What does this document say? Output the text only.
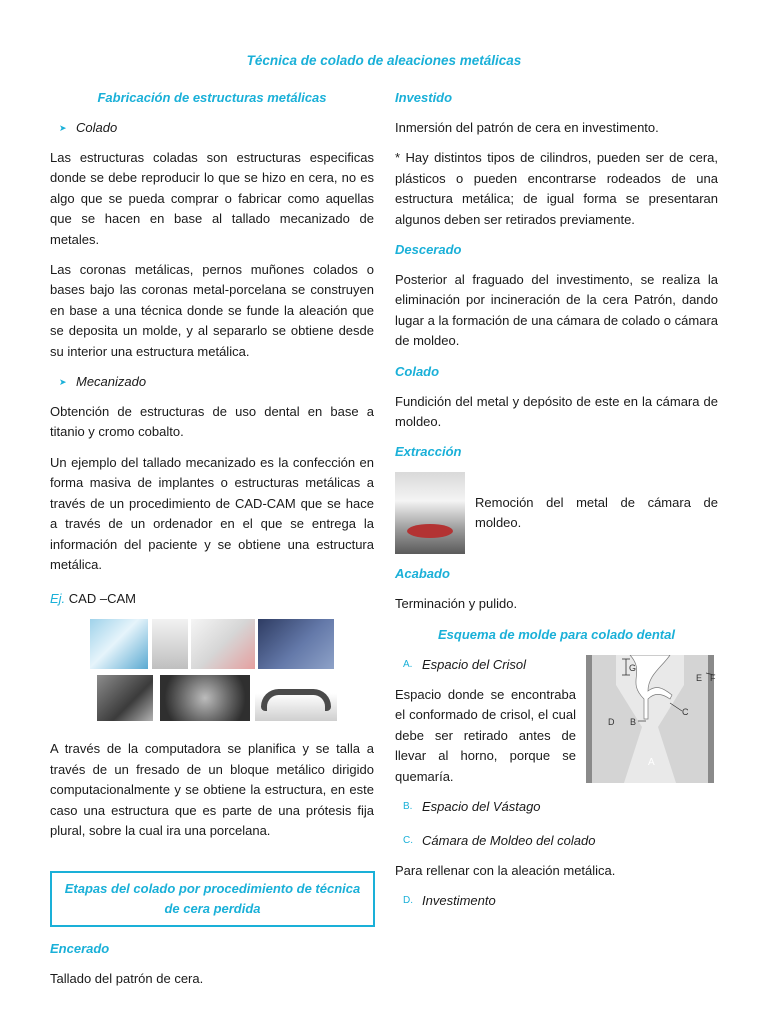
Técnica de colado de aleaciones metálicas
Fabricación de estructuras metálicas
➤ Colado

Las estructuras coladas son estructuras especificas donde se debe reproducir lo que se hizo en cera, no es algo que se pueda comprar o fabricar como aquellas que se hacen en base al tallado mecanizado de metales.

Las coronas metálicas, pernos muñones colados o bases bajo las coronas metal-porcelana se construyen en base a una técnica donde se funde la aleación que se deposita un molde, y al separarlo se obtiene desde su interior una estructura metálica.

➤ Mecanizado

Obtención de estructuras de uso dental en base a titanio y cromo cobalto.

Un ejemplo del tallado mecanizado es la confección en forma masiva de implantes o estructuras metálicas a través de un procedimiento de CAD-CAM que se hace a través de un ordenador en el que se entrega la información del paciente y se obtiene una estructura metálica.

Ej. CAD –CAM

A través de la computadora se planifica y se talla a través de un fresado de un bloque metálico dirigido computacionalmente y se obtiene la estructura, en este caso una estructura que es parte de una prótesis fija plural, sobre la cual ira una porcelana.

Etapas del colado por procedimiento de técnica de cera perdida
Encerado

Tallado del patrón de cera.

Investido

Inmersión del patrón de cera en investimento.

* Hay distintos tipos de cilindros, pueden ser de cera, plásticos o pueden encontrarse rodeados de una estructura metálica; de igual forma se presentaran algunos deben ser retirados previamente.

Descerado

Posterior al fraguado del investimento, se realiza la eliminación por incineración de la cera Patrón, dando lugar a la formación de una cámara de colado o cámara de moldeo.

Colado

Fundición del metal y depósito de este en la cámara de moldeo.

Extracción
Remoción del metal de cámara de moldeo.
Acabado

Terminación y pulido.

Esquema de molde para colado dental
A. Espacio del Crisol
Espacio donde se encontraba el conformado de crisol, el cual debe ser retirado antes de llevar al horno, porque se quemaría.
G
E F
D B
C
A
B. Espacio del Vástago
C. Cámara de Moldeo del colado

Para rellenar con la aleación metálica.

D. Investimento
